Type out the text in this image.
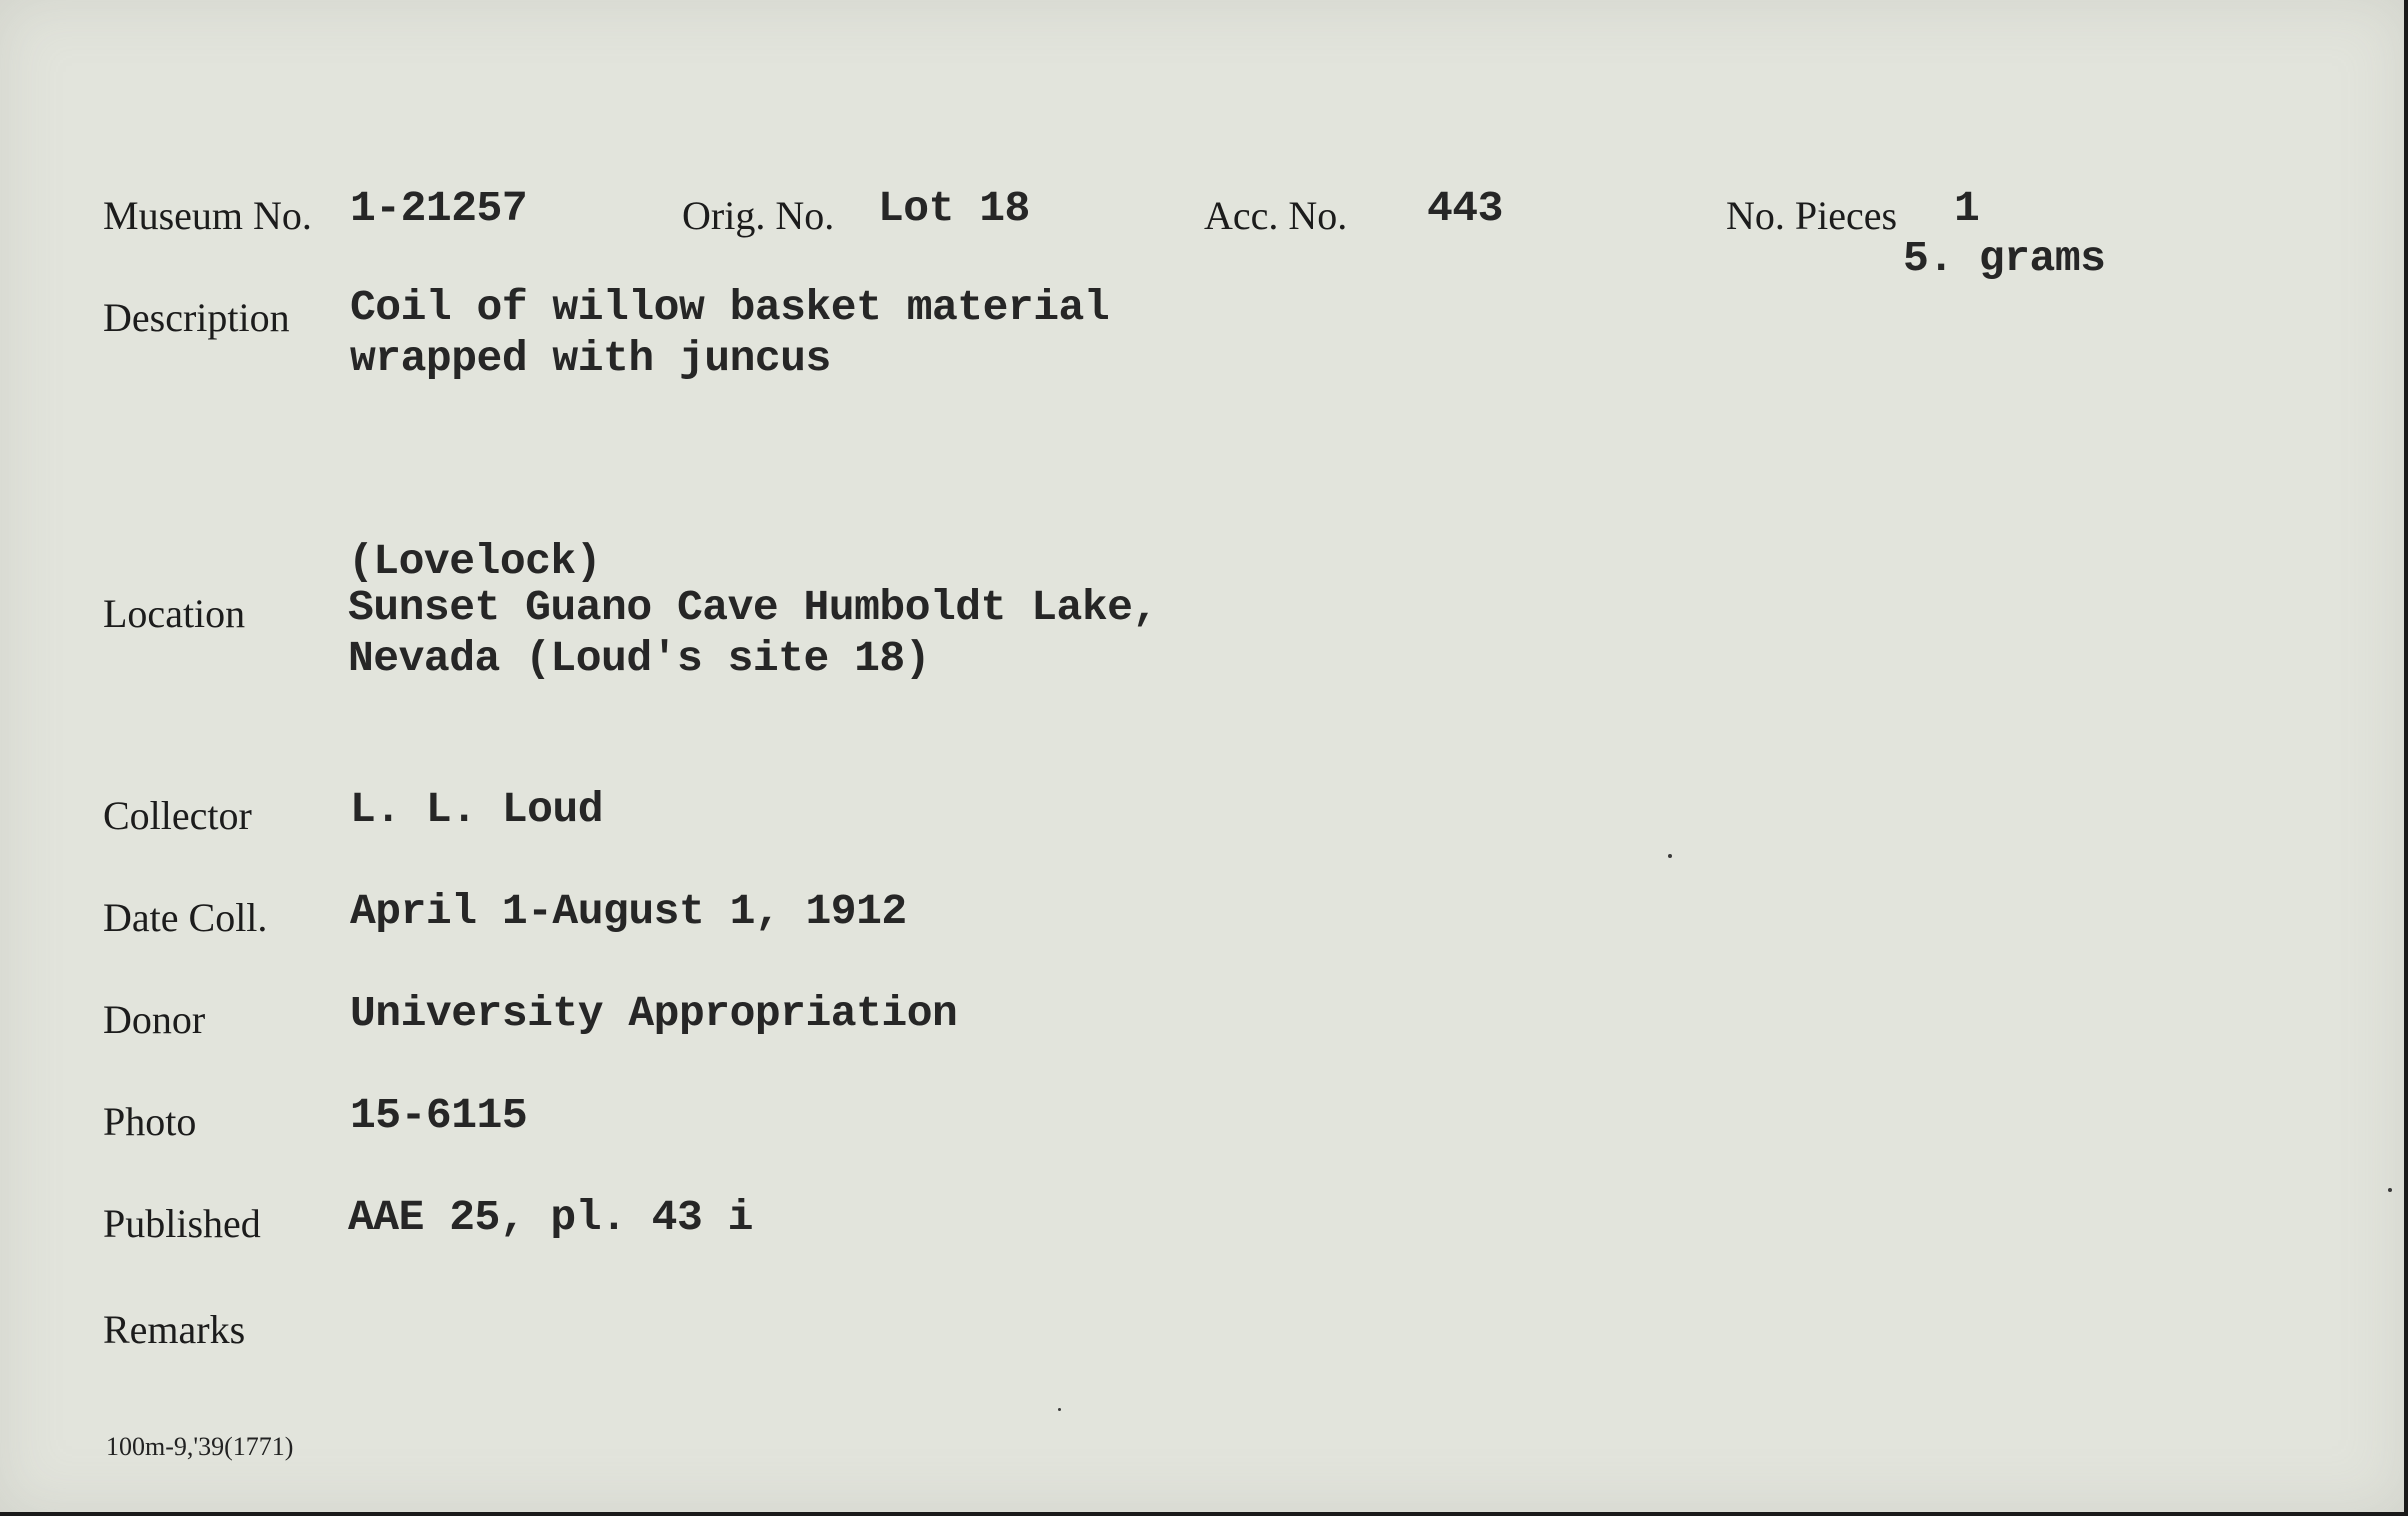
Museum No. 1-21257	Orig. No. Lot 18	Acc. No. 443	No. Pieces 1
5. grams
Description Coil of willow basket material
wrapped with juncus
Location
(Lovelock)
Sunset Guano Cave Humboldt Lake,
Nevada (Loud's site 18)
Collector L. L. Loud
Date Coll. April 1-August 1, 1912
Donor	University Appropriation
Photo	15-6115
Published AAE 25, pl. 43 i
Remarks
100m-9,'39(1771)
